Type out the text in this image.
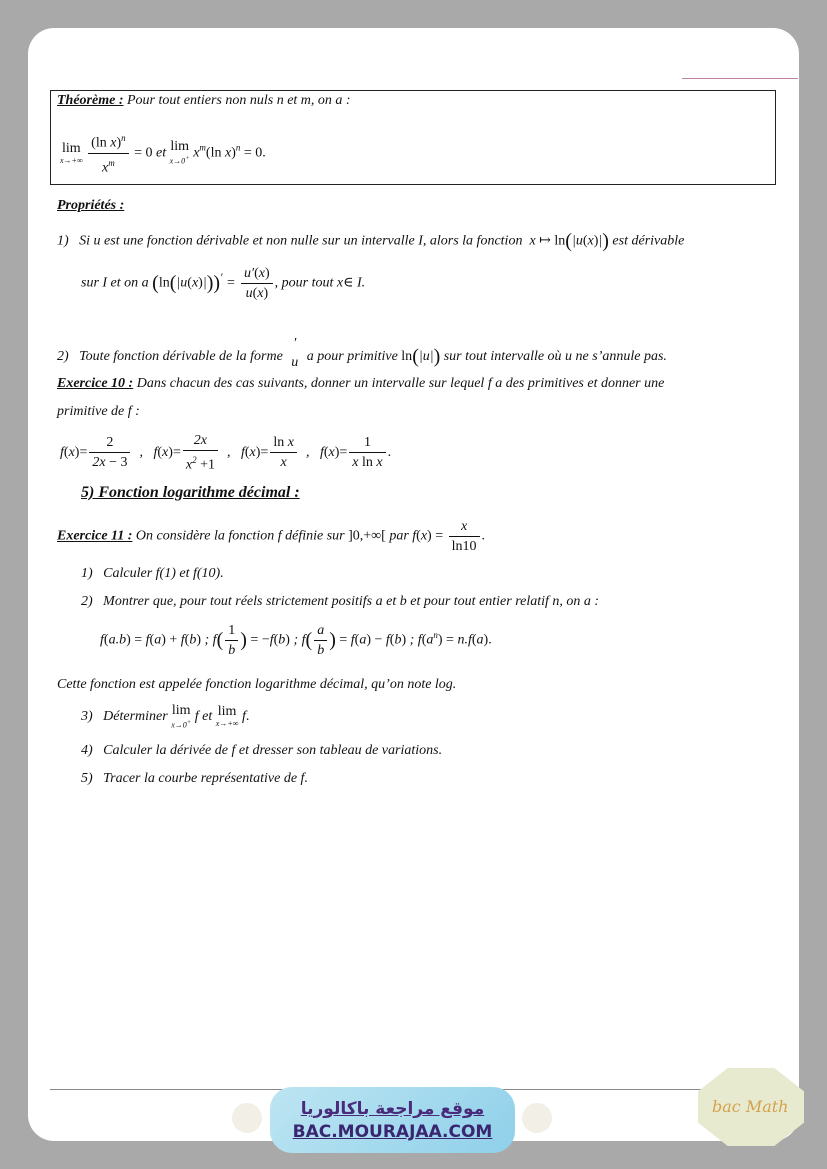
Théorème : Pour tout entiers non nuls n et m, on a :
lim
x→+∞
$\frac{(\ln x)^n}{x^m} = 0$ et lim
x→0+ $x^m(\ln$ x)$^n$ = 0.
Propriétés :
1) Si u est une fonction dérivable et non nulle sur un intervalle I, alors la fonction  x ↦ ln(|u(x)|) est dérivable
sur I et on a $(\ln(|u(x)|))' = \frac{u'(x)}{u(x)}$ , pour tout x∈ I.
2) Toute fonction dérivable de la forme
′
u a pour primitive ln(|u|) sur tout intervalle où u ne s’annule pas.
Exercice 10 : Dans chacun des cas suivants, donner un intervalle sur lequel f a des primitives et donner une
primitive de f :
$f(x)= \frac{2}{2x - 3}$ ,   $f(x)= \frac{2x}{x^2 +1}$ ,   $f(x)= \frac{\text{ln x}}{x}$ ,   $f(x)= \frac{1}{\text{x ln x}}$ .
5) Fonction logarithme décimal :
Exercice 11 : On considère la fonction f définie sur ]0,+∞[ par $f(x) = \frac{x}{\ln 10}$ .
1) Calculer f(1) et f(10).
2) Montrer que, pour tout réels strictement positifs a et b et pour tout entier relatif n, on a :
f(a.b) = f(a) + f(b) ; $f( \frac{1}{b}$ ) = −f(b) ; $f( \frac{a}{b}$ ) = f(a) − f(b) ; $f(a^n) = n.f(a)$.
Cette fonction est appelée fonction logarithme décimal, qu’on note log.
3) Déterminer lim
x→0+ f et lim
x→+∞ f.
4) Calculer la dérivée de f et dresser son tableau de variations.
5) Tracer la courbe représentative de f.
موقع مراجعة باكالوريا
BAC.MOURAJAA.COM
bac Math
